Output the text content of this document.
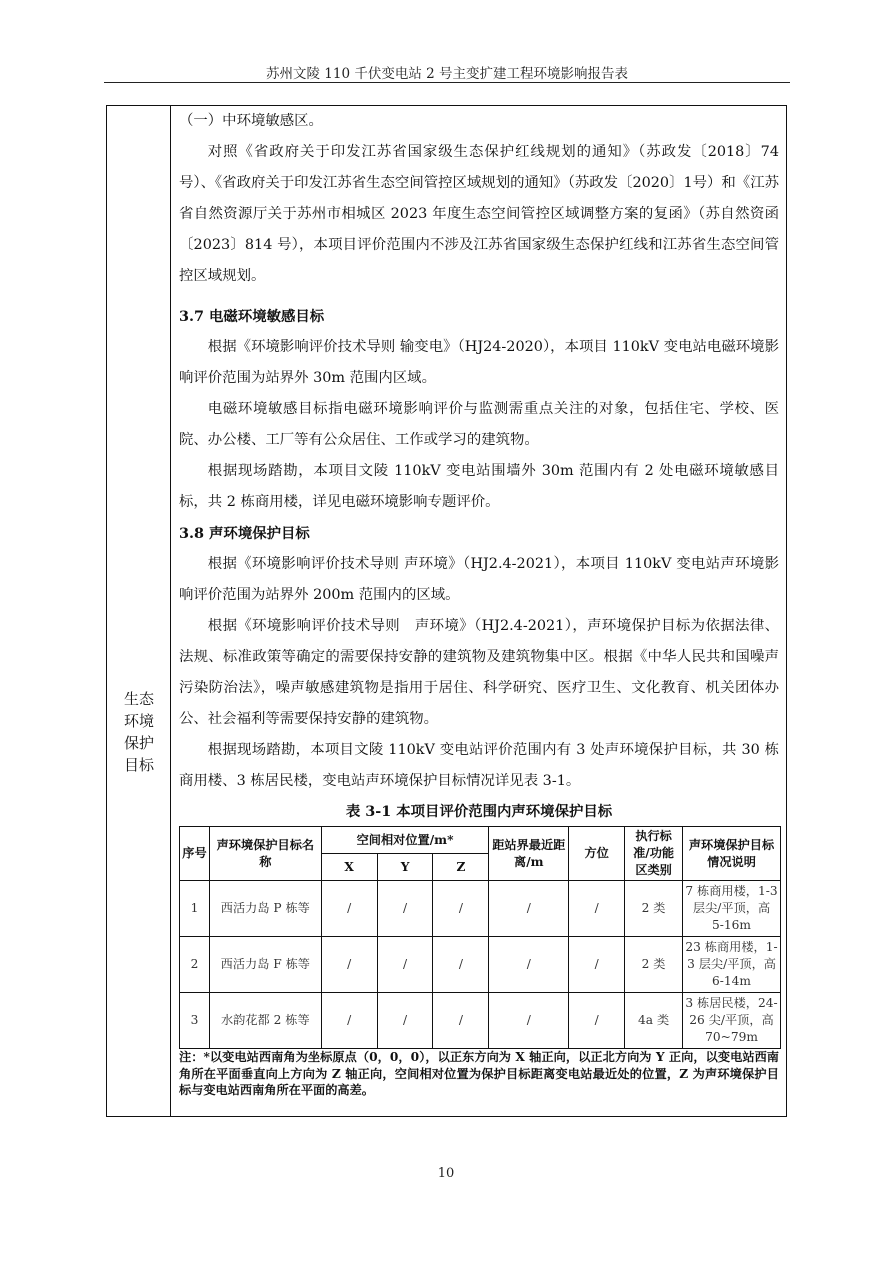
苏州文陵 110 千伏变电站 2 号主变扩建工程环境影响报告表
生态
环境
保护
目标

（一）中环境敏感区。

对照《省政府关于印发江苏省国家级生态保护红线规划的通知》（苏政发〔2018〕74 号）、《省政府关于印发江苏省生态空间管控区域规划的通知》（苏政发〔2020〕1号）和《江苏省自然资源厅关于苏州市相城区 2023 年度生态空间管控区域调整方案的复函》（苏自然资函〔2023〕814 号），本项目评价范围内不涉及江苏省国家级生态保护红线和江苏省生态空间管控区域规划。

3.7 电磁环境敏感目标

根据《环境影响评价技术导则 输变电》（HJ24-2020），本项目 110kV 变电站电磁环境影响评价范围为站界外 30m 范围内区域。

电磁环境敏感目标指电磁环境影响评价与监测需重点关注的对象，包括住宅、学校、医院、办公楼、工厂等有公众居住、工作或学习的建筑物。

根据现场踏勘，本项目文陵 110kV 变电站围墙外 30m 范围内有 2 处电磁环境敏感目标，共 2 栋商用楼，详见电磁环境影响专题评价。

3.8 声环境保护目标

根据《环境影响评价技术导则 声环境》（HJ2.4-2021），本项目 110kV 变电站声环境影响评价范围为站界外 200m 范围内的区域。

根据《环境影响评价技术导则　声环境》（HJ2.4-2021），声环境保护目标为依据法律、法规、标准政策等确定的需要保持安静的建筑物及建筑物集中区。根据《中华人民共和国噪声污染防治法》，噪声敏感建筑物是指用于居住、科学研究、医疗卫生、文化教育、机关团体办公、社会福利等需要保持安静的建筑物。

根据现场踏勘，本项目文陵 110kV 变电站评价范围内有 3 处声环境保护目标，共 30 栋商用楼、3 栋居民楼，变电站声环境保护目标情况详见表 3-1。

表 3-1 本项目评价范围内声环境保护目标
序号	声环境保护目标名称	空间相对位置/m*			距站界最近距离/m	方位	执行标准/功能区类别	声环境保护目标情况说明
		X	Y	Z				
1	西活力岛 P 栋等	/	/	/	/	/	2 类	7 栋商用楼，1-3 层尖/平顶，高 5-16m
2	西活力岛 F 栋等	/	/	/	/	/	2 类	23 栋商用楼，1-3 层尖/平顶，高 6-14m
3	水韵花都 2 栋等	/	/	/	/	/	4a 类	3 栋居民楼，24-26 尖/平顶，高 70~79m

注：*以变电站西南角为坐标原点（0，0，0），以正东方向为 X 轴正向，以正北方向为 Y 正向，以变电站西南角所在平面垂直向上方向为 Z 轴正向，空间相对位置为保护目标距离变电站最近处的位置，Z 为声环境保护目标与变电站西南角所在平面的高差。

10
